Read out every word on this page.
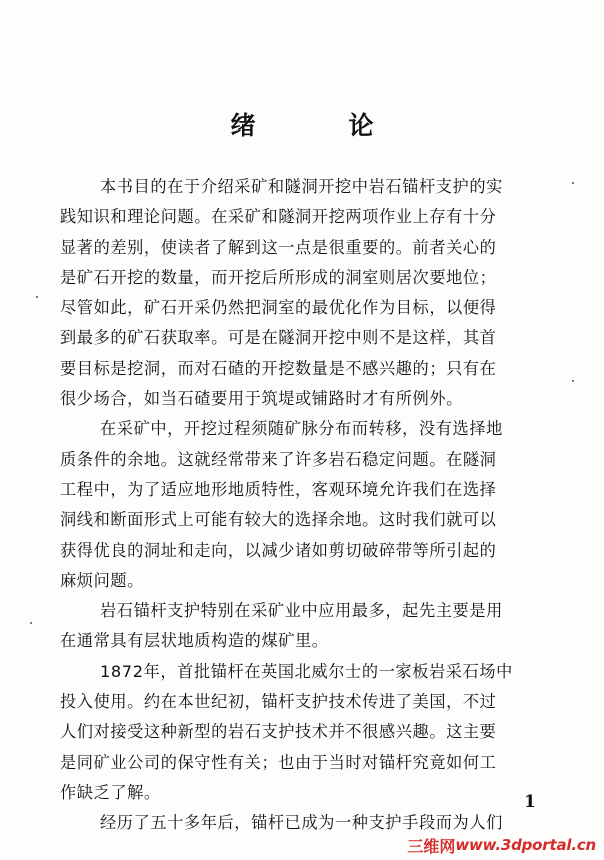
绪　论
本书目的在于介绍采矿和隧洞开挖中岩石锚杆支护的实
践知识和理论问题。在采矿和隧洞开挖两项作业上存有十分
显著的差别，使读者了解到这一点是很重要的。前者关心的
是矿石开挖的数量，而开挖后所形成的洞室则居次要地位；
尽管如此，矿石开采仍然把洞室的最优化作为目标，以便得
到最多的矿石获取率。可是在隧洞开挖中则不是这样，其首
要目标是挖洞，而对石碴的开挖数量是不感兴趣的；只有在
很少场合，如当石碴要用于筑堤或铺路时才有所例外。
在采矿中，开挖过程须随矿脉分布而转移，没有选择地
质条件的余地。这就经常带来了许多岩石稳定问题。在隧洞
工程中，为了适应地形地质特性，客观环境允许我们在选择
洞线和断面形式上可能有较大的选择余地。这时我们就可以
获得优良的洞址和走向，以减少诸如剪切破碎带等所引起的
麻烦问题。
岩石锚杆支护特别在采矿业中应用最多，起先主要是用
在通常具有层状地质构造的煤矿里。
1872年，首批锚杆在英国北威尔士的一家板岩采石场中
投入使用。约在本世纪初，锚杆支护技术传进了美国，不过
人们对接受这种新型的岩石支护技术并不很感兴趣。这主要
是同矿业公司的保守性有关；也由于当时对锚杆究竟如何工
作缺乏了解。
经历了五十多年后，锚杆已成为一种支护手段而为人们
1
三维网 www.3dportal.cn
